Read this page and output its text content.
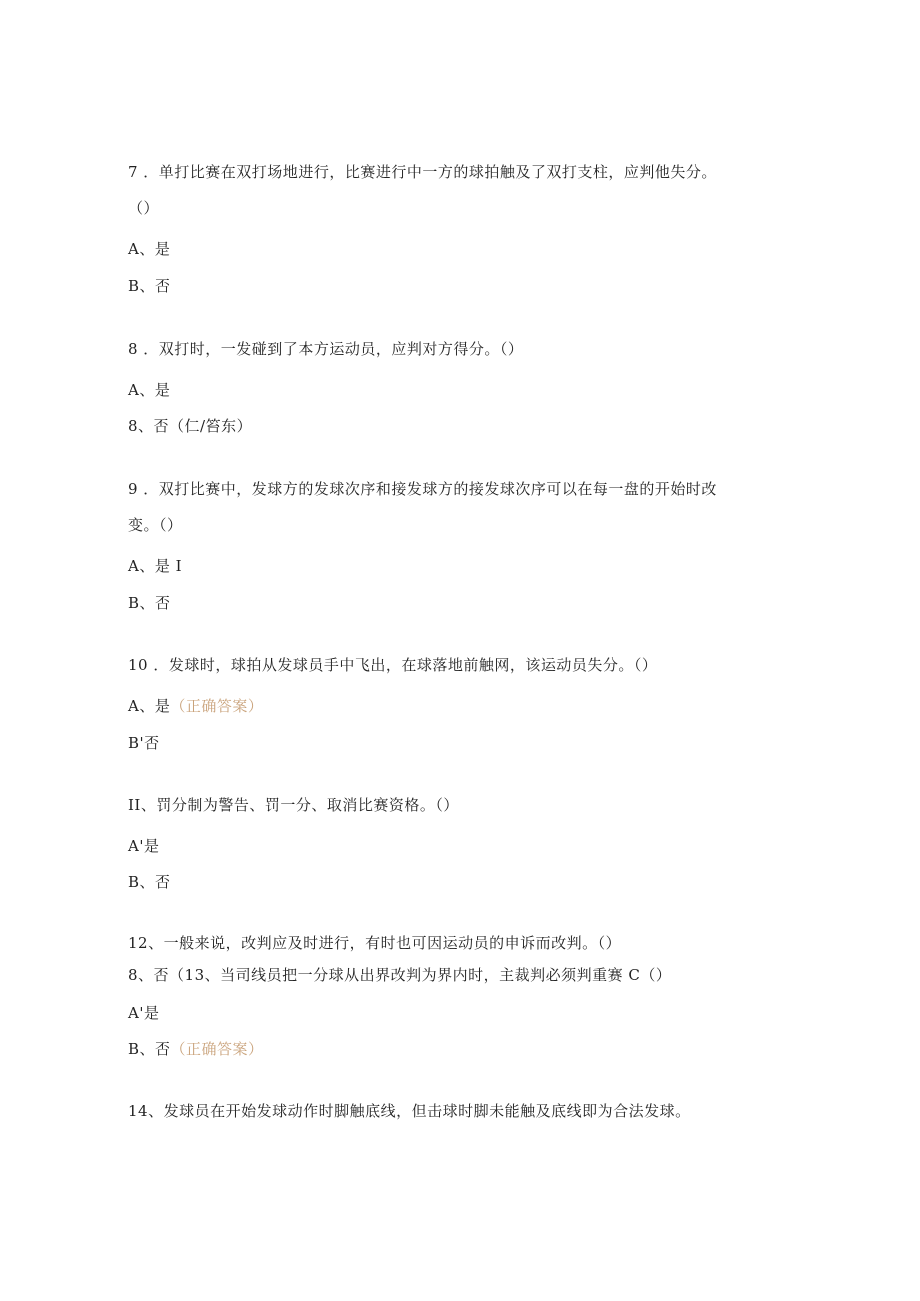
7 ．单打比赛在双打场地进行，比赛进行中一方的球拍触及了双打支柱，应判他失分。
（）
A、是
B、否
8 ．双打时，一发碰到了本方运动员，应判对方得分。（）
A、是
8、否（仁/笞东）
9 ．双打比赛中，发球方的发球次序和接发球方的接发球次序可以在每一盘的开始时改
变。（）
A、是 I
B、否
10 ．发球时，球拍从发球员手中飞出，在球落地前触网，该运动员失分。（）
A、是（正确答案）
B'否
II、罚分制为警告、罚一分、取消比赛资格。（）
A'是
B、否
12、一般来说，改判应及时进行，有时也可因运动员的申诉而改判。（）
8、否（13、当司线员把一分球从出界改判为界内时，主裁判必须判重赛 C（）
A'是
B、否（正确答案）
14、发球员在开始发球动作时脚触底线，但击球时脚未能触及底线即为合法发球。
